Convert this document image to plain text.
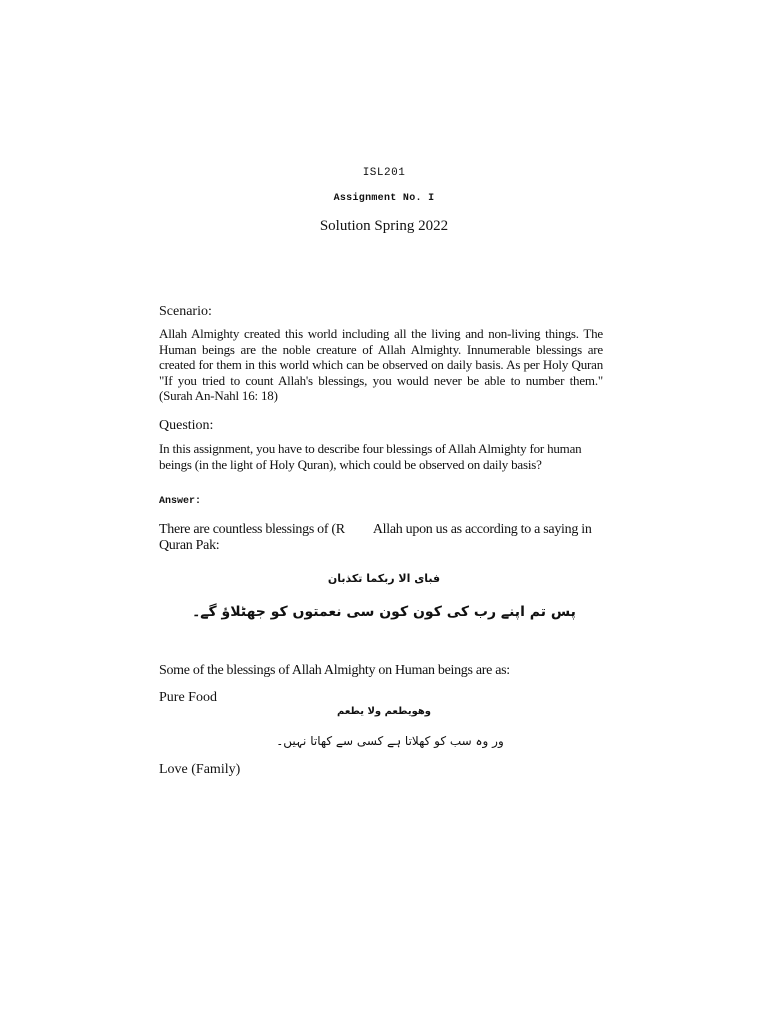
ISL201
Assignment No. I
Solution Spring 2022
Scenario:
Allah Almighty created this world including all the living and non-living things. The Human beings are the noble creature of Allah Almighty. Innumerable blessings are created for them in this world which can be observed on daily basis. As per Holy Quran "If you tried to count Allah's blessings, you would never be able to number them." (Surah An-Nahl 16: 18)
Question:
In this assignment, you have to describe four blessings of Allah Almighty for human beings (in the light of Holy Quran), which could be observed on daily basis?
Answer:
There are countless blessings of (R         Allah upon us as according to a saying in Quran Pak:
فبای الا ربکما تکذبان
پس تم اپنے رب کی کون کون سی نعمتوں کو جھٹلاؤ گے۔
Some of the blessings of Allah Almighty on Human beings are as:
Pure Food
وھویطعم ولا یطعم
ور وہ سب کو کھلاتا ہے کسی سے کھاتا نہیں۔
Love (Family)
